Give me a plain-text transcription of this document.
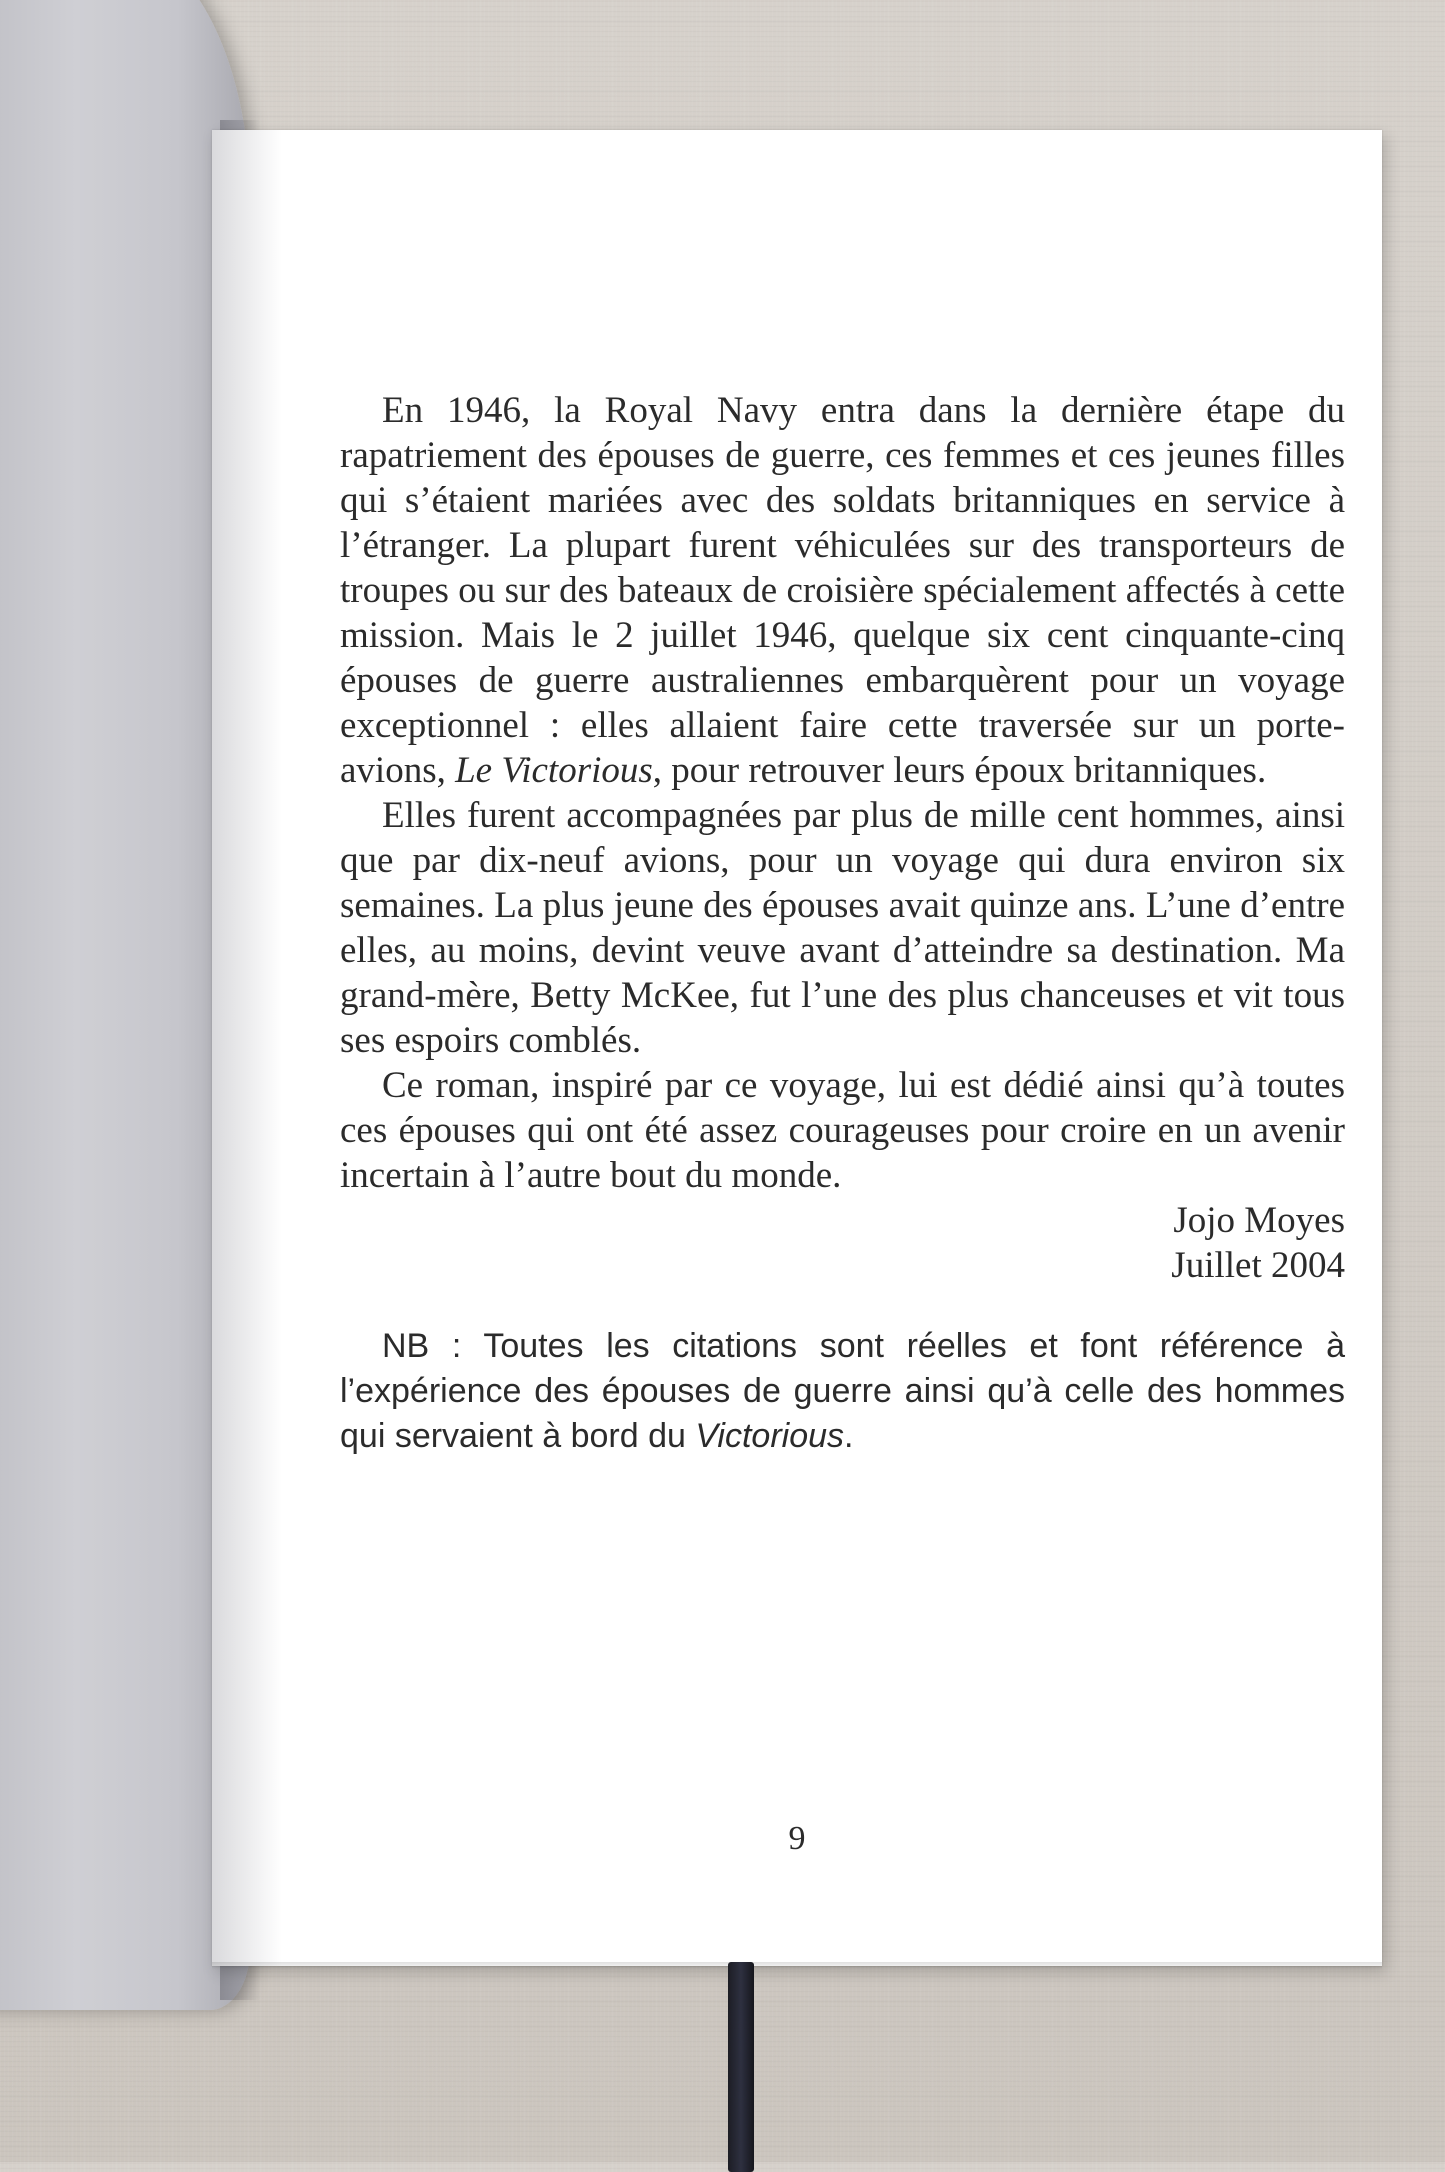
En 1946, la Royal Navy entra dans la dernière étape du rapatriement des épouses de guerre, ces femmes et ces jeunes filles qui s’étaient mariées avec des soldats britanniques en service à l’étranger. La plupart furent véhiculées sur des transporteurs de troupes ou sur des bateaux de croisière spécialement affectés à cette mission. Mais le 2 juillet 1946, quelque six cent cinquante-cinq épouses de guerre australiennes embarquèrent pour un voyage exceptionnel : elles allaient faire cette traversée sur un porte-avions, Le Victorious, pour retrouver leurs époux britanniques.

Elles furent accompagnées par plus de mille cent hommes, ainsi que par dix-neuf avions, pour un voyage qui dura environ six semaines. La plus jeune des épouses avait quinze ans. L’une d’entre elles, au moins, devint veuve avant d’atteindre sa destination. Ma grand-mère, Betty McKee, fut l’une des plus chanceuses et vit tous ses espoirs comblés.

Ce roman, inspiré par ce voyage, lui est dédié ainsi qu’à toutes ces épouses qui ont été assez courageuses pour croire en un avenir incertain à l’autre bout du monde.

Jojo Moyes
Juillet 2004

NB : Toutes les citations sont réelles et font référence à l’expérience des épouses de guerre ainsi qu’à celle des hommes qui servaient à bord du Victorious.

9
